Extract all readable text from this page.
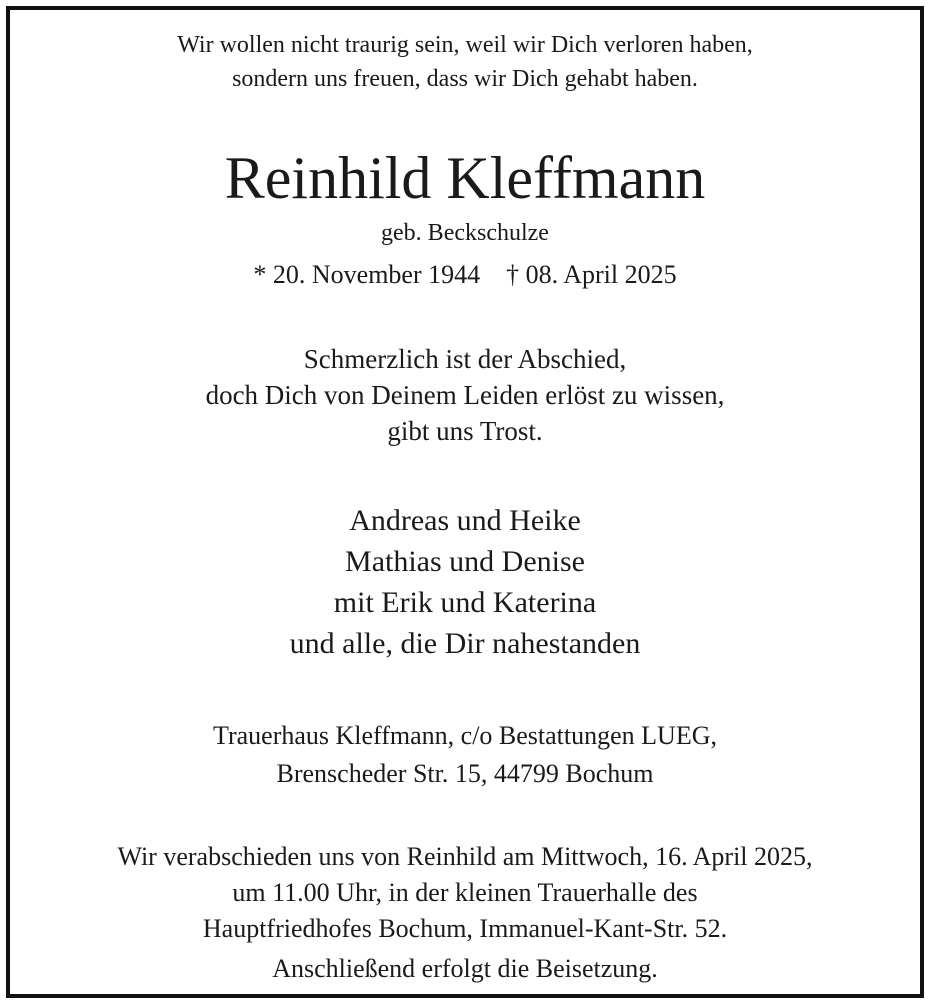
Wir wollen nicht traurig sein, weil wir Dich verloren haben,
sondern uns freuen, dass wir Dich gehabt haben.
Reinhild Kleffmann
geb. Beckschulze
* 20. November 1944 † 08. April 2025
Schmerzlich ist der Abschied,
doch Dich von Deinem Leiden erlöst zu wissen,
gibt uns Trost.
Andreas und Heike
Mathias und Denise
mit Erik und Katerina
und alle, die Dir nahestanden
Trauerhaus Kleffmann, c/o Bestattungen LUEG,
Brenscheder Str. 15, 44799 Bochum
Wir verabschieden uns von Reinhild am Mittwoch, 16. April 2025,
um 11.00 Uhr, in der kleinen Trauerhalle des
Hauptfriedhofes Bochum, Immanuel-Kant-Str. 52.
Anschließend erfolgt die Beisetzung.
